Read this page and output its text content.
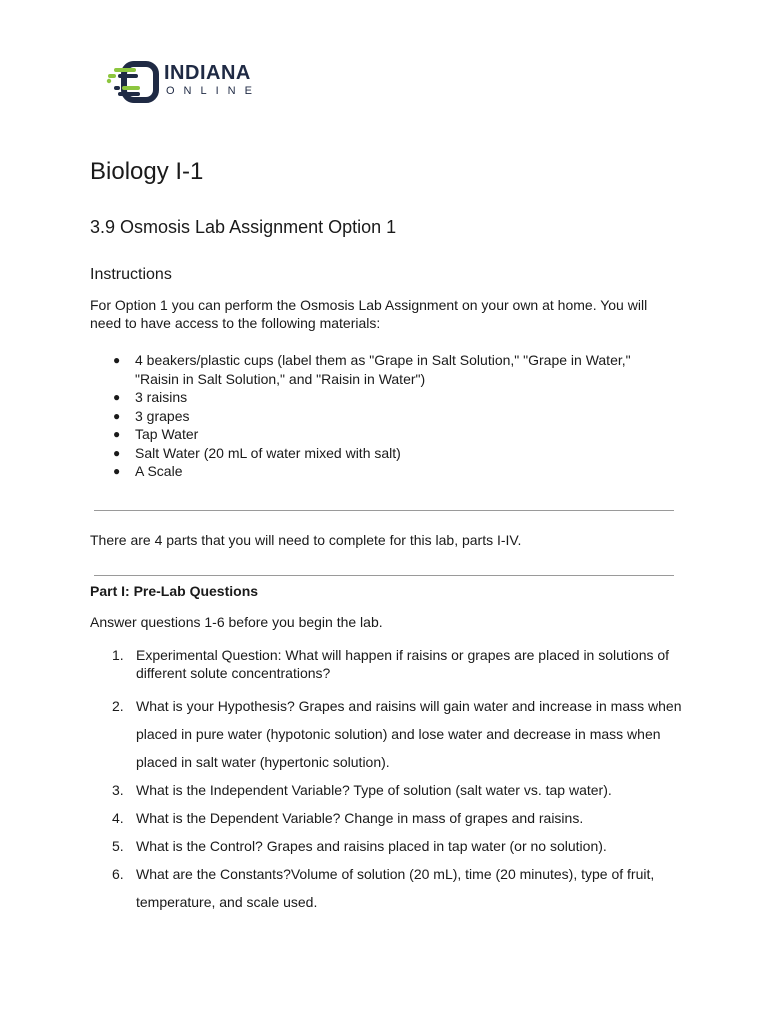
INDIANA
ONLINE
Biology I-1
3.9 Osmosis Lab Assignment Option 1
Instructions

For Option 1 you can perform the Osmosis Lab Assignment on your own at home. You will need to have access to the following materials:

● 4 beakers/plastic cups (label them as "Grape in Salt Solution," "Grape in Water," "Raisin in Salt Solution," and "Raisin in Water")
● 3 raisins
● 3 grapes
● Tap Water
● Salt Water (20 mL of water mixed with salt)
● A Scale

There are 4 parts that you will need to complete for this lab, parts I-IV.

Part I: Pre-Lab Questions

Answer questions 1-6 before you begin the lab.

1. Experimental Question: What will happen if raisins or grapes are placed in solutions of different solute concentrations?
2. What is your Hypothesis? Grapes and raisins will gain water and increase in mass when placed in pure water (hypotonic solution) and lose water and decrease in mass when placed in salt water (hypertonic solution).
3. What is the Independent Variable? Type of solution (salt water vs. tap water).
4. What is the Dependent Variable? Change in mass of grapes and raisins.
5. What is the Control? Grapes and raisins placed in tap water (or no solution).
6. What are the Constants?Volume of solution (20 mL), time (20 minutes), type of fruit, temperature, and scale used.
